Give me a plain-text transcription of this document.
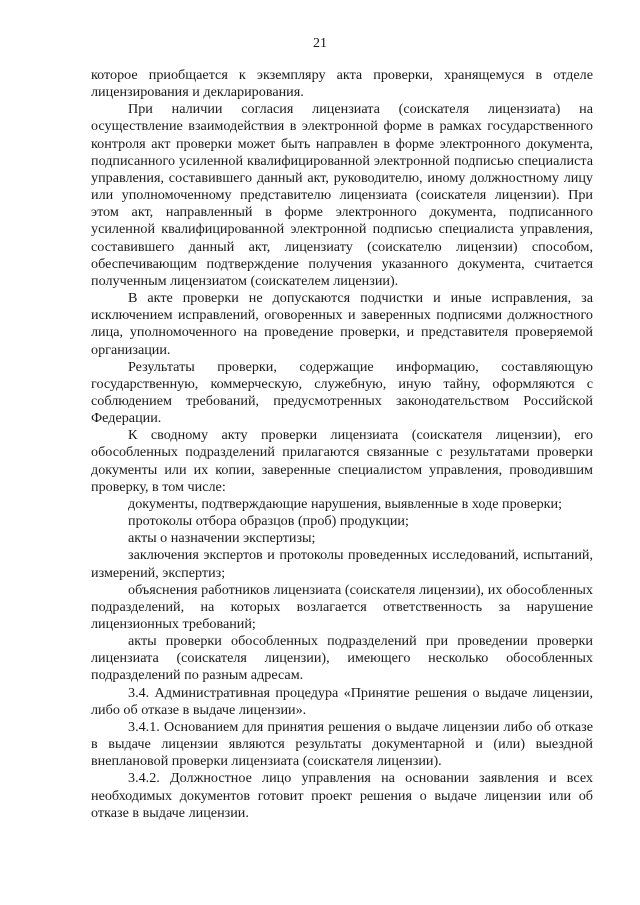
21

которое приобщается к экземпляру акта проверки, хранящемуся в отделе лицензирования и декларирования.

При наличии согласия лицензиата (соискателя лицензиата) на осуществление взаимодействия в электронной форме в рамках государственного контроля акт проверки может быть направлен в форме электронного документа, подписанного усиленной квалифицированной электронной подписью специалиста управления, составившего данный акт, руководителю, иному должностному лицу или уполномоченному представителю лицензиата (соискателя лицензии). При этом акт, направленный в форме электронного документа, подписанного усиленной квалифицированной электронной подписью специалиста управления, составившего данный акт, лицензиату (соискателю лицензии) способом, обеспечивающим подтверждение получения указанного документа, считается полученным лицензиатом (соискателем лицензии).

В акте проверки не допускаются подчистки и иные исправления, за исключением исправлений, оговоренных и заверенных подписями должностного лица, уполномоченного на проведение проверки, и представителя проверяемой организации.

Результаты проверки, содержащие информацию, составляющую государственную, коммерческую, служебную, иную тайну, оформляются с соблюдением требований, предусмотренных законодательством Российской Федерации.

К сводному акту проверки лицензиата (соискателя лицензии), его обособленных подразделений прилагаются связанные с результатами проверки документы или их копии, заверенные специалистом управления, проводившим проверку, в том числе:

документы, подтверждающие нарушения, выявленные в ходе проверки;

протоколы отбора образцов (проб) продукции;

акты о назначении экспертизы;

заключения экспертов и протоколы проведенных исследований, испытаний, измерений, экспертиз;

объяснения работников лицензиата (соискателя лицензии), их обособленных подразделений, на которых возлагается ответственность за нарушение лицензионных требований;

акты проверки обособленных подразделений при проведении проверки лицензиата (соискателя лицензии), имеющего несколько обособленных подразделений по разным адресам.

3.4. Административная процедура «Принятие решения о выдаче лицензии, либо об отказе в выдаче лицензии».

3.4.1. Основанием для принятия решения о выдаче лицензии либо об отказе в выдаче лицензии являются результаты документарной и (или) выездной внеплановой проверки лицензиата (соискателя лицензии).

3.4.2. Должностное лицо управления на основании заявления и всех необходимых документов готовит проект решения о выдаче лицензии или об отказе в выдаче лицензии.
